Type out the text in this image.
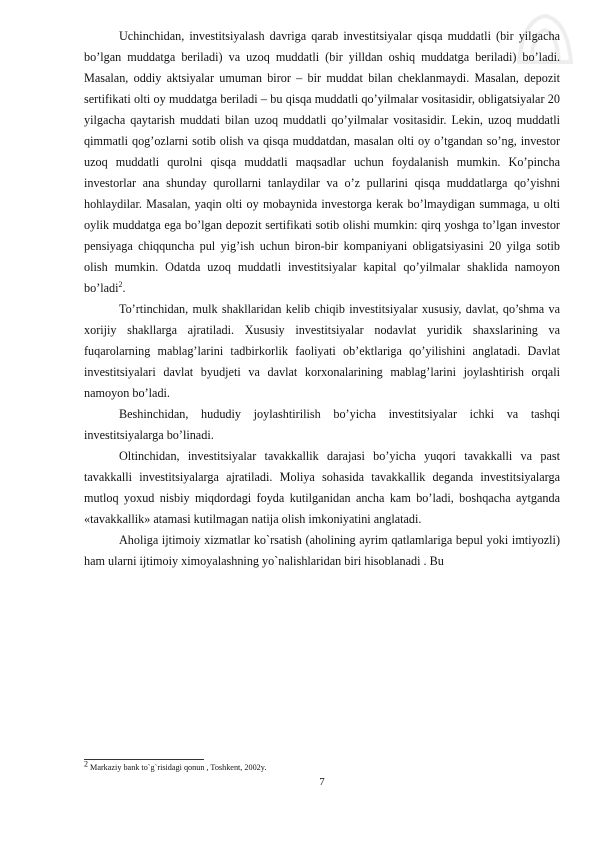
Uchinchidan, investitsiyalash davriga qarab investitsiyalar qisqa muddatli (bir yilgacha bo’lgan muddatga beriladi) va uzoq muddatli (bir yilldan oshiq muddatga beriladi) bo’ladi. Masalan, oddiy aktsiyalar umuman biror – bir muddat bilan cheklanmaydi. Masalan, depozit sertifikati olti oy muddatga beriladi – bu qisqa muddatli qo’yilmalar vositasidir, obligatsiyalar 20 yilgacha qaytarish muddati bilan uzoq muddatli qo’yilmalar vositasidir. Lekin, uzoq muddatli qimmatli qog’ozlarni sotib olish va qisqa muddatdan, masalan olti oy o’tgandan so’ng, investor uzoq muddatli qurolni qisqa muddatli maqsadlar uchun foydalanish mumkin. Ko’pincha investorlar ana shunday qurollarni tanlaydilar va o’z pullarini qisqa muddatlarga qo’yishni hohlaydilar. Masalan, yaqin olti oy mobaynida investorga kerak bo’lmaydigan summaga, u olti oylik muddatga ega bo’lgan depozit sertifikati sotib olishi mumkin: qirq yoshga to’lgan investor pensiyaga chiqquncha pul yig’ish uchun biron-bir kompaniyani obligatsiyasini 20 yilga sotib olish mumkin. Odatda uzoq muddatli investitsiyalar kapital qo’yilmalar shaklida namoyon bo’ladi$^2$.

To’rtinchidan, mulk shakllaridan kelib chiqib investitsiyalar xususiy, davlat, qo’shma va xorijiy shakllarga ajratiladi. Xususiy investitsiyalar nodavlat yuridik shaxslarining va fuqarolarning mablag’larini tadbirkorlik faoliyati ob’ektlariga qo’yilishini anglatadi. Davlat investitsiyalari davlat byudjeti va davlat korxonalarining mablag’larini joylashtirish orqali namoyon bo’ladi.

Beshinchidan, hududiy joylashtirilish bo’yicha investitsiyalar ichki va tashqi investitsiyalarga bo’linadi.

Oltinchidan, investitsiyalar tavakkallik darajasi bo’yicha yuqori tavakkalli va past tavakkalli investitsiyalarga ajratiladi. Moliya sohasida tavakkallik deganda investitsiyalarga mutloq yoxud nisbiy miqdordagi foyda kutilganidan ancha kam bo’ladi, boshqacha aytganda «tavakkallik» atamasi kutilmagan natija olish imkoniyatini anglatadi.

Aholiga ijtimoiy xizmatlar ko`rsatish (aholining ayrim qatlamlariga bepul yoki imtiyozli) ham ularni ijtimoiy ximoyalashning yo`nalishlaridan biri hisoblanadi . Bu

$^2$ Markaziy bank to`g`risidagi qonun , Toshkent, 2002y.
7
